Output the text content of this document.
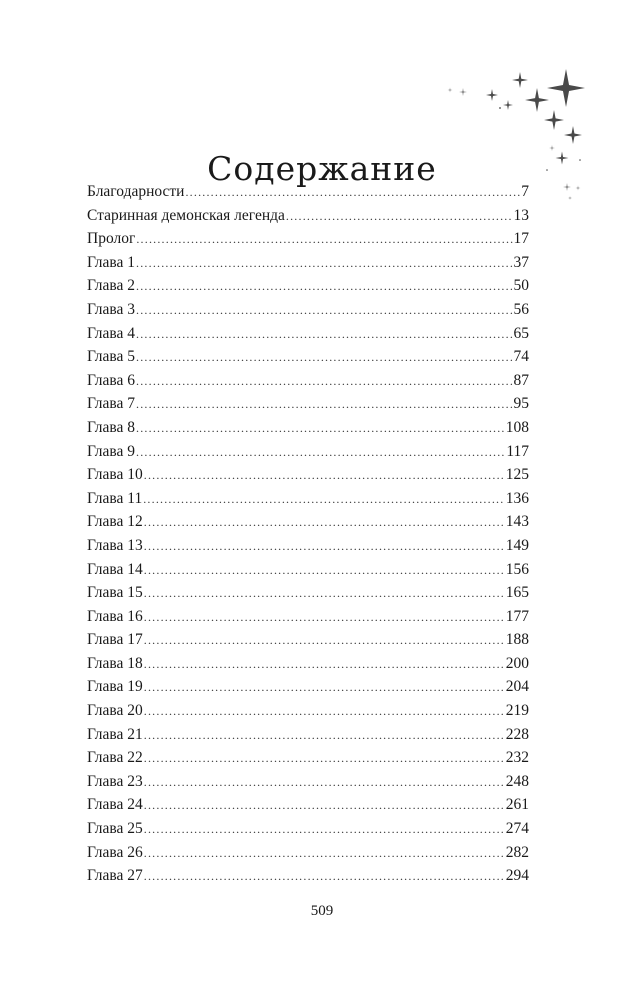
Содержание
Благодарности .....	7
Старинная демонская легенда .....	13
Пролог .....	17
Глава 1 .....	37
Глава 2 .....	50
Глава 3 .....	56
Глава 4 .....	65
Глава 5 .....	74
Глава 6 .....	87
Глава 7 .....	95
Глава 8 .....	108
Глава 9 .....	117
Глава 10 .....	125
Глава 11 .....	136
Глава 12 .....	143
Глава 13 .....	149
Глава 14 .....	156
Глава 15 .....	165
Глава 16 .....	177
Глава 17 .....	188
Глава 18 .....	200
Глава 19 .....	204
Глава 20 .....	219
Глава 21 .....	228
Глава 22 .....	232
Глава 23 .....	248
Глава 24 .....	261
Глава 25 .....	274
Глава 26 .....	282
Глава 27 .....	294
509
